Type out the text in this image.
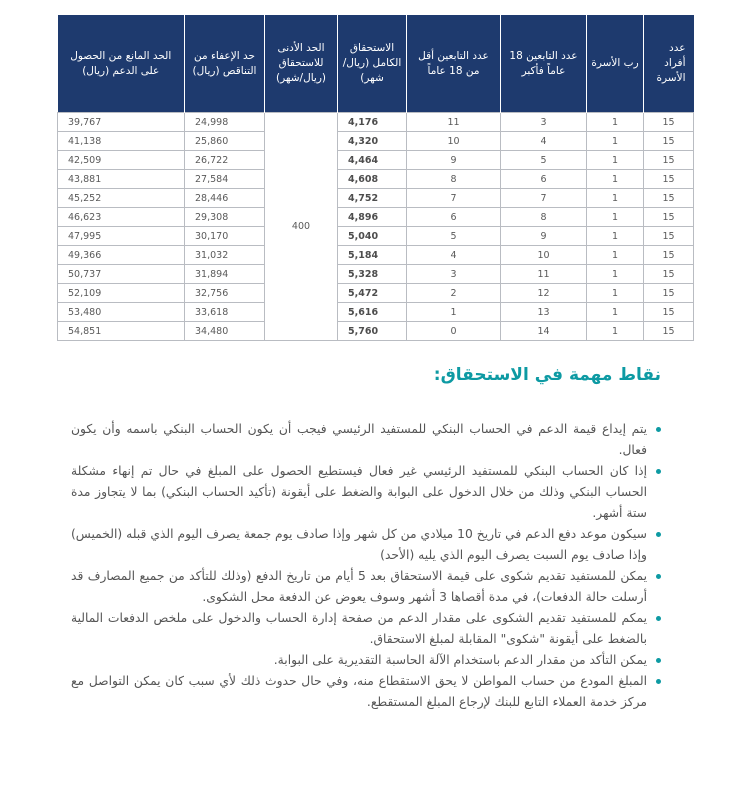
عدد أفراد الأسرة	رب الأسرة	عدد التابعين 18 عاماً فأكبر	عدد التابعين أقل من 18 عاماً	الاستحقاق الكامل (ريال/شهر)	الحد الأدنى للاستحقاق (ريال/شهر)	حد الإعفاء من التناقص (ريال)	الحد المانع من الحصول على الدعم (ريال)
15	1	3	11	4,176	400	24,998	39,767
15	1	4	10	4,320		25,860	41,138
15	1	5	9	4,464		26,722	42,509
15	1	6	8	4,608		27,584	43,881
15	1	7	7	4,752		28,446	45,252
15	1	8	6	4,896		29,308	46,623
15	1	9	5	5,040		30,170	47,995
15	1	10	4	5,184		31,032	49,366
15	1	11	3	5,328		31,894	50,737
15	1	12	2	5,472		32,756	52,109
15	1	13	1	5,616		33,618	53,480
15	1	14	0	5,760		34,480	54,851
نقاط مهمة في الاستحقاق:
يتم إيداع قيمة الدعم في الحساب البنكي للمستفيد الرئيسي فيجب أن يكون الحساب البنكي باسمه وأن يكون فعال.
إذا كان الحساب البنكي للمستفيد الرئيسي غير فعال فيستطيع الحصول على المبلغ في حال تم إنهاء مشكلة الحساب البنكي وذلك من خلال الدخول على البوابة والضغط على أيقونة (تأكيد الحساب البنكي) بما لا يتجاوز مدة ستة أشهر.
سيكون موعد دفع الدعم في تاريخ 10 ميلادي من كل شهر وإذا صادف يوم جمعة يصرف اليوم الذي قبله (الخميس) وإذا صادف يوم السبت يصرف اليوم الذي يليه (الأحد)
يمكن للمستفيد تقديم شكوى على قيمة الاستحقاق بعد 5 أيام من تاريخ الدفع (وذلك للتأكد من جميع المصارف قد أرسلت حالة الدفعات)، في مدة أقصاها 3 أشهر وسوف يعوض عن الدفعة محل الشكوى.
يمكم للمستفيد تقديم الشكوى على مقدار الدعم من صفحة إدارة الحساب والدخول على ملخص الدفعات المالية بالضغط على أيقونة "شكوى" المقابلة لمبلغ الاستحقاق.
يمكن التأكد من مقدار الدعم باستخدام الآلة الحاسبة التقديرية على البوابة.
المبلغ المودع من حساب المواطن لا يحق الاستقطاع منه، وفي حال حدوث ذلك لأي سبب كان يمكن التواصل مع مركز خدمة العملاء التابع للبنك لإرجاع المبلغ المستقطع.
